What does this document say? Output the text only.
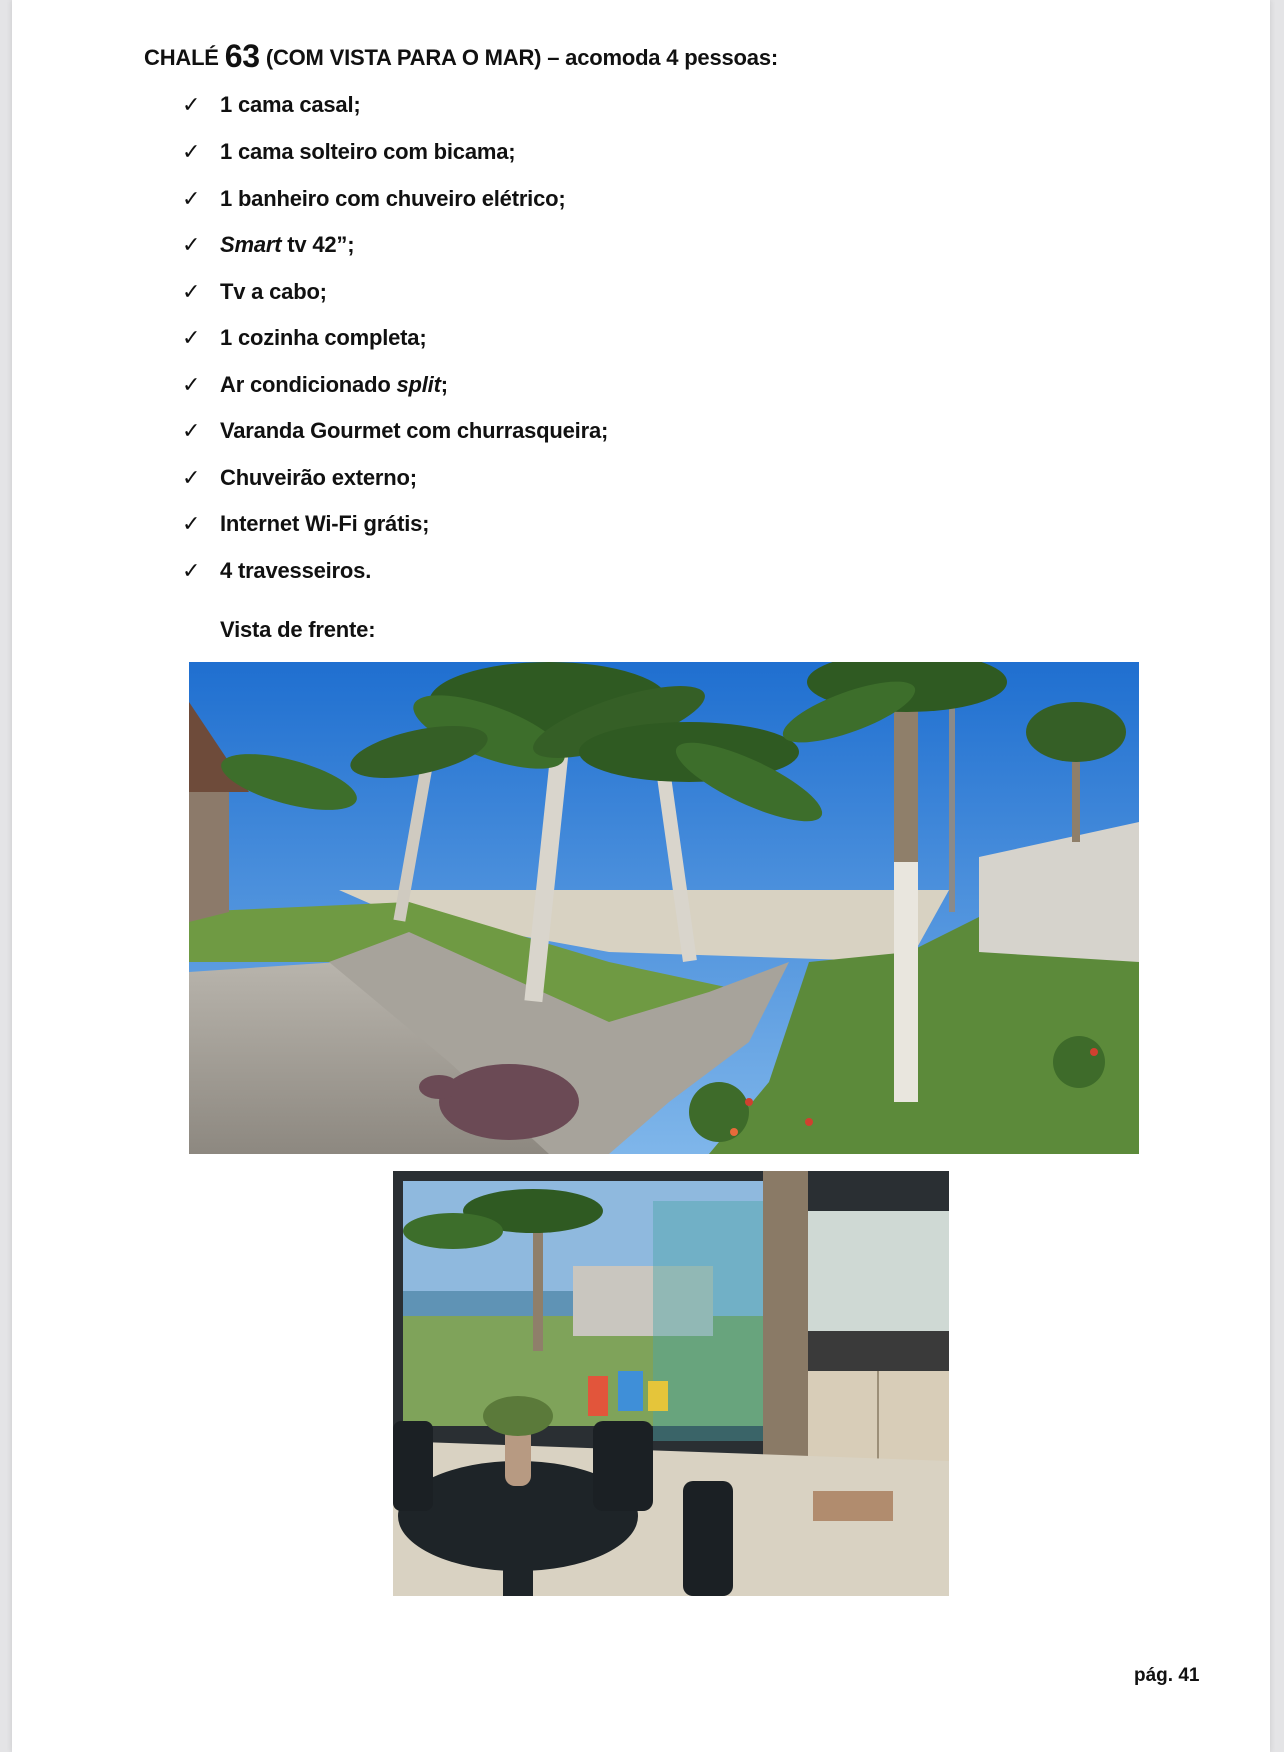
CHALÉ 63 (COM VISTA PARA O MAR) – acomoda 4 pessoas:
✓ 1 cama casal;
✓ 1 cama solteiro com bicama;
✓ 1 banheiro com chuveiro elétrico;
✓ Smart tv 42”;
✓ Tv a cabo;
✓ 1 cozinha completa;
✓ Ar condicionado split;
✓ Varanda Gourmet com churrasqueira;
✓ Chuveirão externo;
✓ Internet Wi-Fi grátis;
✓ 4 travesseiros.
Vista de frente:
pág. 41
